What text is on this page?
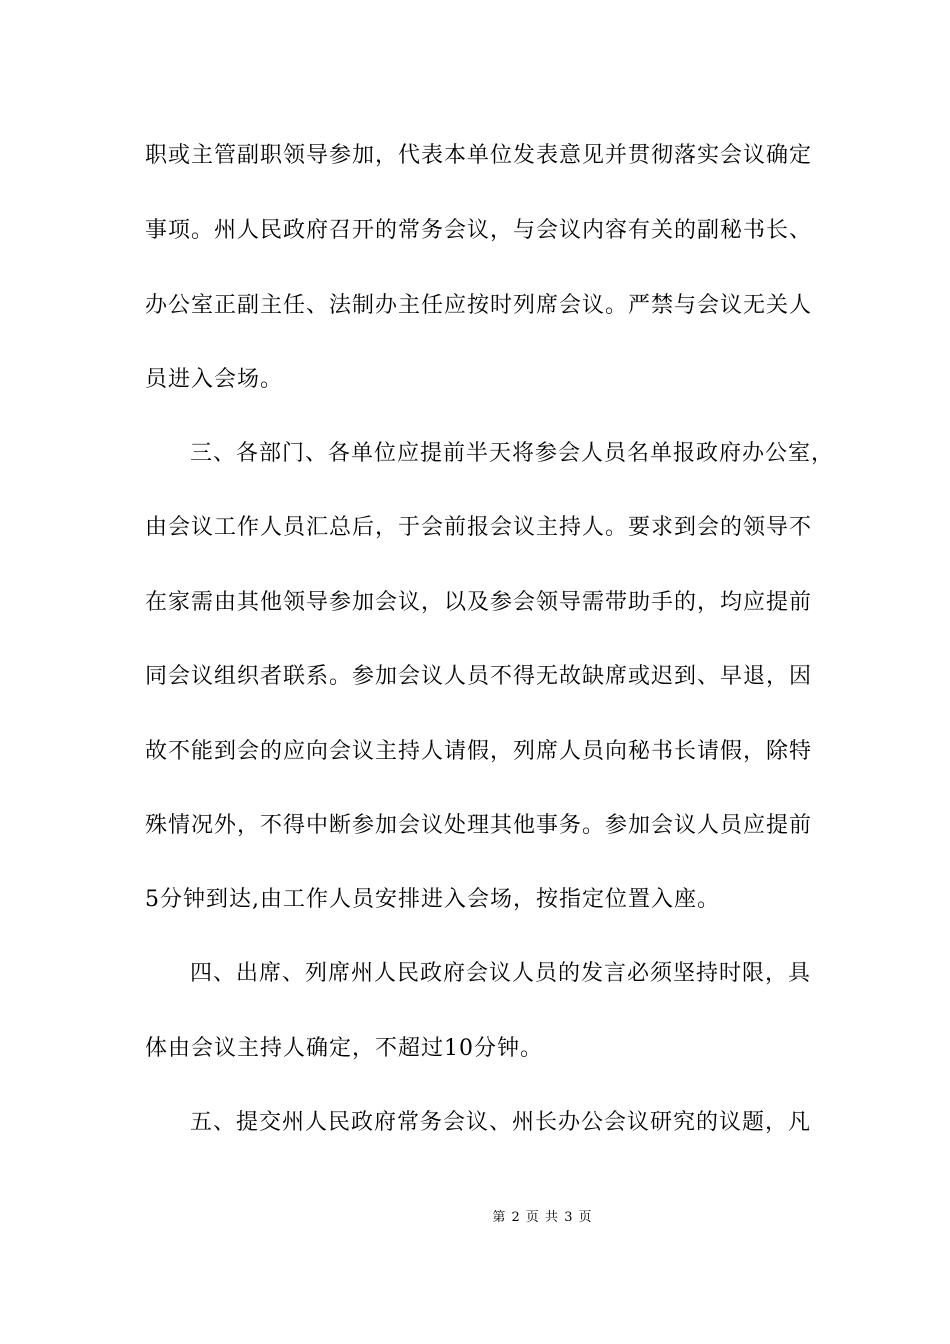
职或主管副职领导参加，代表本单位发表意见并贯彻落实会议确定
事项。州人民政府召开的常务会议，与会议内容有关的副秘书长、
办公室正副主任、法制办主任应按时列席会议。严禁与会议无关人
员进入会场。
三、各部门、各单位应提前半天将参会人员名单报政府办公室，
由会议工作人员汇总后，于会前报会议主持人。要求到会的领导不
在家需由其他领导参加会议，以及参会领导需带助手的，均应提前
同会议组织者联系。参加会议人员不得无故缺席或迟到、早退，因
故不能到会的应向会议主持人请假，列席人员向秘书长请假，除特
殊情况外，不得中断参加会议处理其他事务。参加会议人员应提前
5分钟到达,由工作人员安排进入会场，按指定位置入座。
四、出席、列席州人民政府会议人员的发言必须坚持时限，具
体由会议主持人确定，不超过10分钟。
五、提交州人民政府常务会议、州长办公会议研究的议题，凡
第 2 页 共 3 页
